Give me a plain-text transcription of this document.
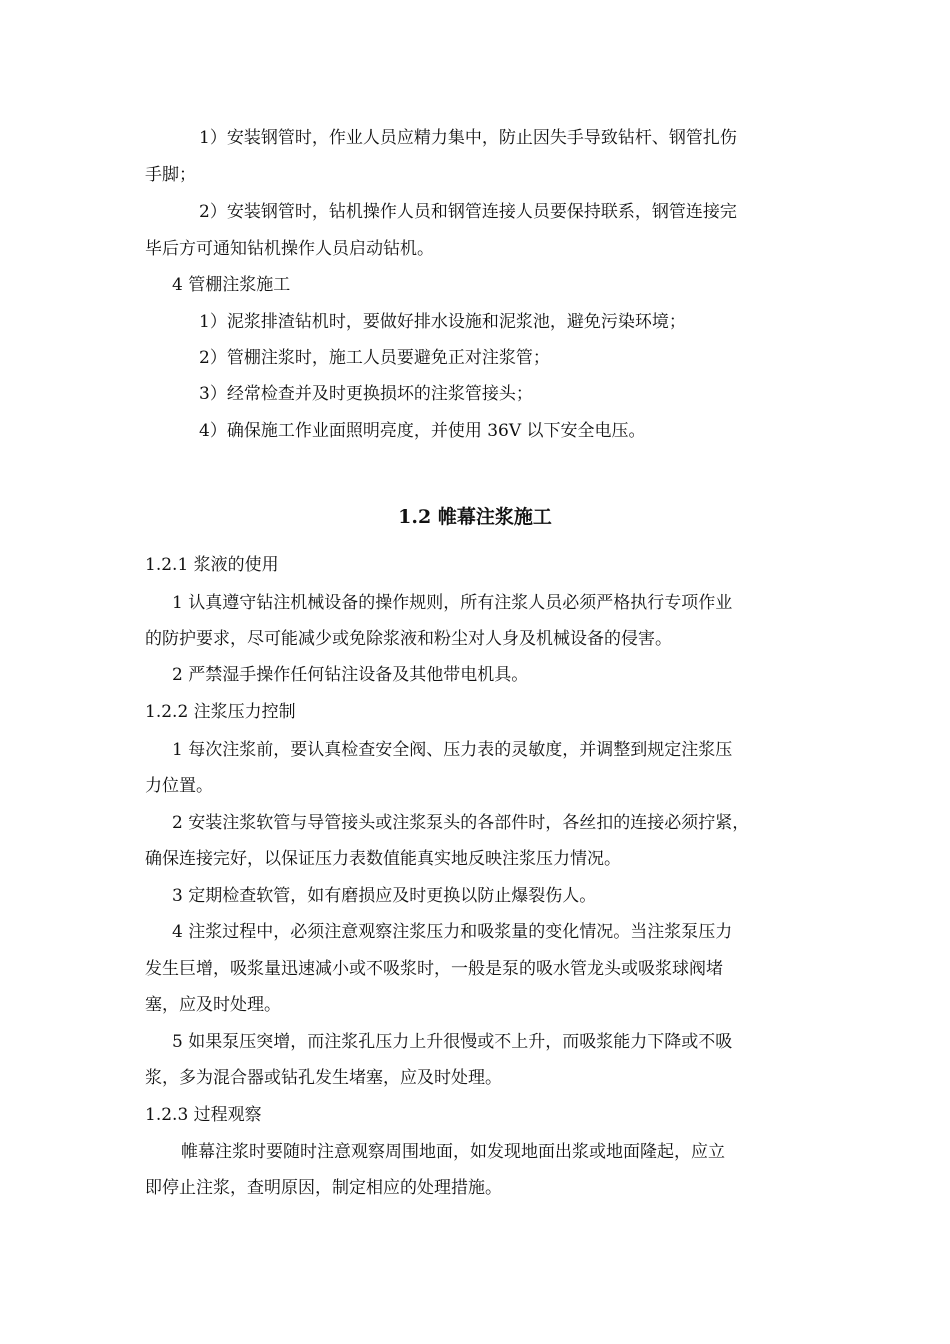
1）安装钢管时，作业人员应精力集中，防止因失手导致钻杆、钢管扎伤
手脚；
2）安装钢管时，钻机操作人员和钢管连接人员要保持联系，钢管连接完
毕后方可通知钻机操作人员启动钻机。
4 管棚注浆施工
1）泥浆排渣钻机时，要做好排水设施和泥浆池，避免污染环境；
2）管棚注浆时，施工人员要避免正对注浆管；
3）经常检查并及时更换损坏的注浆管接头；
4）确保施工作业面照明亮度，并使用 36V 以下安全电压。
1.2 帷幕注浆施工
1.2.1 浆液的使用
1 认真遵守钻注机械设备的操作规则，所有注浆人员必须严格执行专项作业
的防护要求，尽可能减少或免除浆液和粉尘对人身及机械设备的侵害。
2 严禁湿手操作任何钻注设备及其他带电机具。
1.2.2 注浆压力控制
1 每次注浆前，要认真检查安全阀、压力表的灵敏度，并调整到规定注浆压
力位置。
2 安装注浆软管与导管接头或注浆泵头的各部件时，各丝扣的连接必须拧紧，
确保连接完好，以保证压力表数值能真实地反映注浆压力情况。
3 定期检查软管，如有磨损应及时更换以防止爆裂伤人。
4 注浆过程中，必须注意观察注浆压力和吸浆量的变化情况。当注浆泵压力
发生巨增，吸浆量迅速减小或不吸浆时，一般是泵的吸水管龙头或吸浆球阀堵
塞，应及时处理。
5 如果泵压突增，而注浆孔压力上升很慢或不上升，而吸浆能力下降或不吸
浆，多为混合器或钻孔发生堵塞，应及时处理。
1.2.3 过程观察
帷幕注浆时要随时注意观察周围地面，如发现地面出浆或地面隆起，应立
即停止注浆，查明原因，制定相应的处理措施。
